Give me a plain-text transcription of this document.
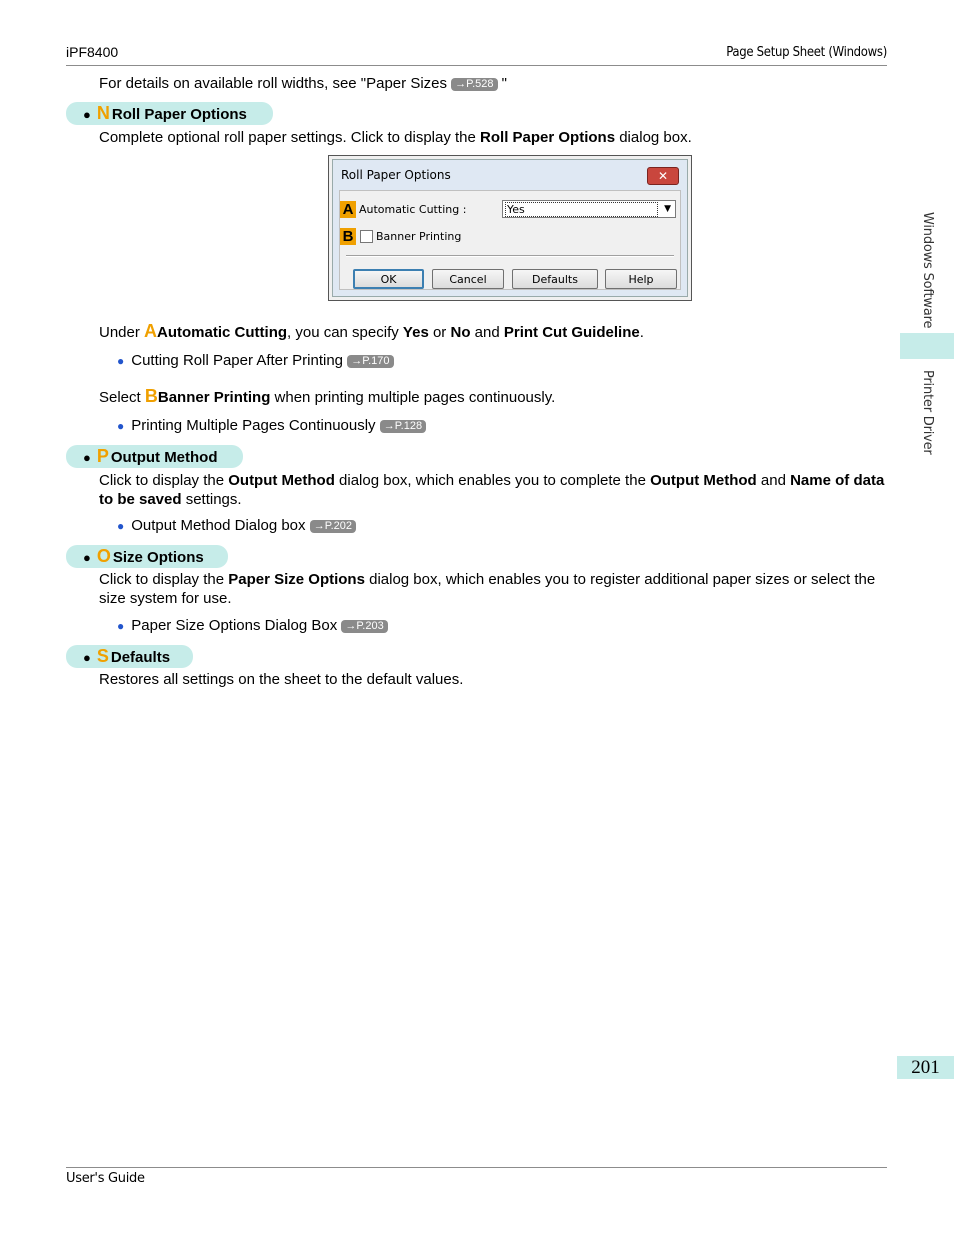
iPF8400	Page Setup Sheet (Windows)
Windows Software
Printer Driver
201
For details on available roll widths, see "Paper Sizes →P.528 "
● N Roll Paper Options
Complete optional roll paper settings. Click to display the Roll Paper Options dialog box.
Roll Paper Options	✕
A Automatic Cutting :	Yes	▼
B Banner Printing
OK	Cancel	Defaults	Help
Under AAutomatic Cutting, you can specify Yes or No and Print Cut Guideline.
● Cutting Roll Paper After Printing →P.170
Select BBanner Printing when printing multiple pages continuously.
● Printing Multiple Pages Continuously →P.128
● P Output Method
Click to display the Output Method dialog box, which enables you to complete the Output Method and Name of data to be saved settings.
● Output Method Dialog box →P.202
● O Size Options
Click to display the Paper Size Options dialog box, which enables you to register additional paper sizes or select the size system for use.
● Paper Size Options Dialog Box →P.203
● S Defaults
Restores all settings on the sheet to the default values.
User's Guide
